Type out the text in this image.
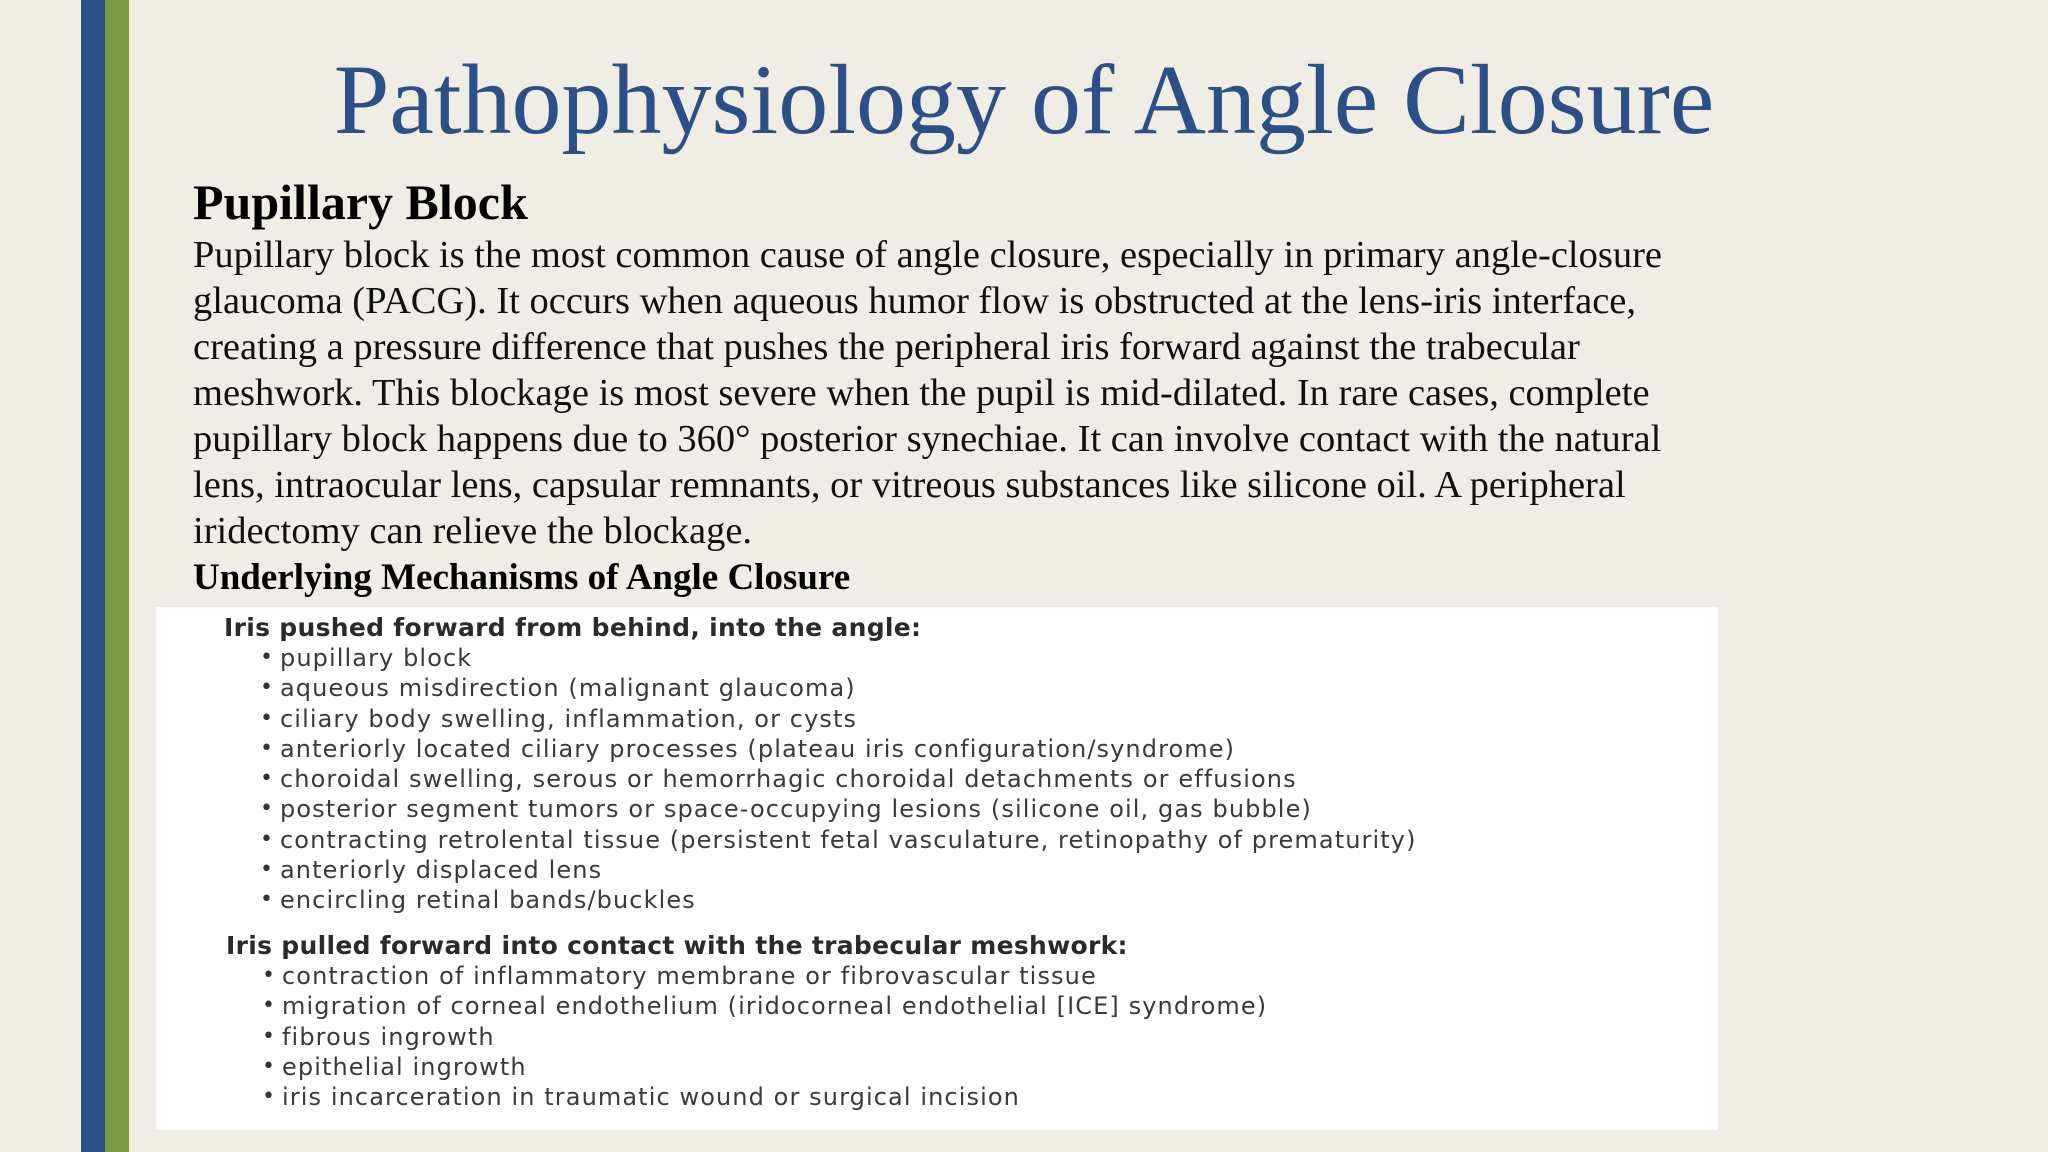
Pathophysiology of Angle Closure
Pupillary Block

Pupillary block is the most common cause of angle closure, especially in primary angle-closure glaucoma (PACG). It occurs when aqueous humor flow is obstructed at the lens-iris interface, creating a pressure difference that pushes the peripheral iris forward against the trabecular meshwork. This blockage is most severe when the pupil is mid-dilated. In rare cases, complete pupillary block happens due to 360° posterior synechiae. It can involve contact with the natural lens, intraocular lens, capsular remnants, or vitreous substances like silicone oil. A peripheral iridectomy can relieve the blockage.

Underlying Mechanisms of Angle Closure

Iris pushed forward from behind, into the angle:

• pupillary block
• aqueous misdirection (malignant glaucoma)
• ciliary body swelling, inflammation, or cysts
• anteriorly located ciliary processes (plateau iris configuration/syndrome)
• choroidal swelling, serous or hemorrhagic choroidal detachments or effusions
• posterior segment tumors or space-occupying lesions (silicone oil, gas bubble)
• contracting retrolental tissue (persistent fetal vasculature, retinopathy of prematurity)
• anteriorly displaced lens
• encircling retinal bands/buckles

Iris pulled forward into contact with the trabecular meshwork:

• contraction of inflammatory membrane or fibrovascular tissue
• migration of corneal endothelium (iridocorneal endothelial [ICE] syndrome)
• fibrous ingrowth
• epithelial ingrowth
• iris incarceration in traumatic wound or surgical incision
